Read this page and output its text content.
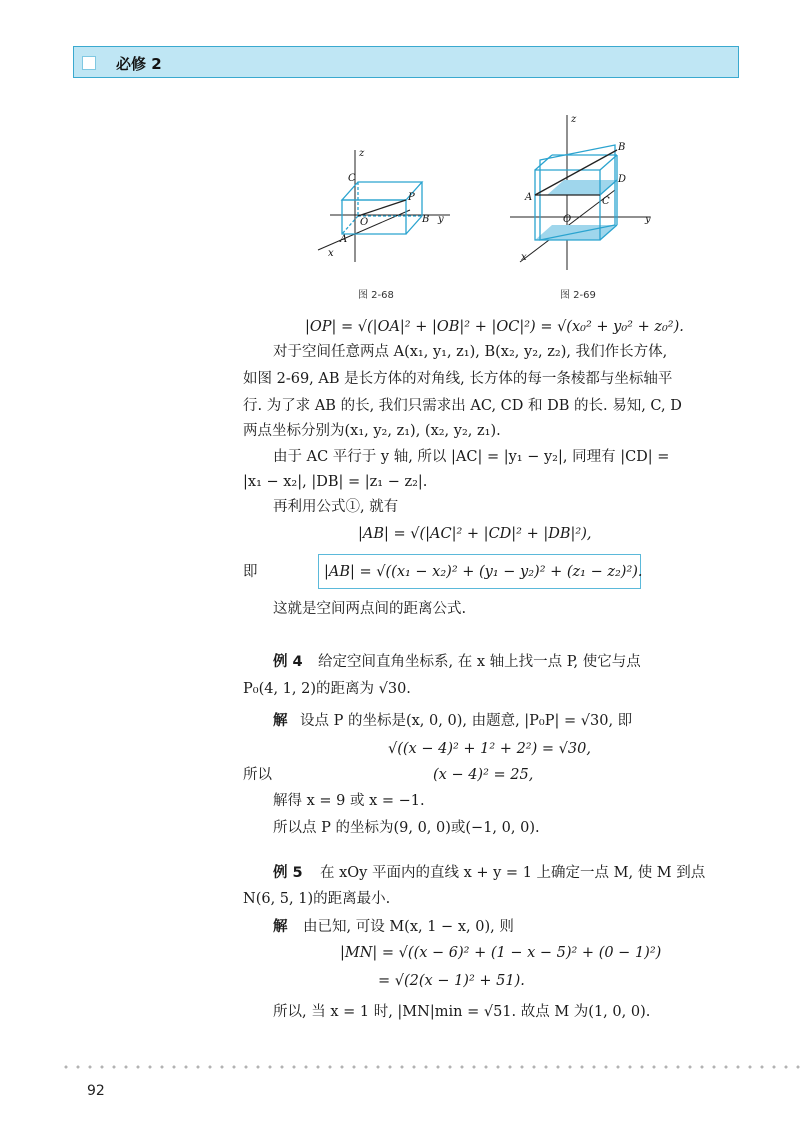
必修 2
z
C
P
O	B y
A
x
图 2-68
z
B
D
A	C
O	y
x
图 2-69
|OP| = √(|OA|² + |OB|² + |OC|²) = √(x₀² + y₀² + z₀²).
对于空间任意两点 A(x₁, y₁, z₁), B(x₂, y₂, z₂), 我们作长方体,
如图 2-69, AB 是长方体的对角线, 长方体的每一条棱都与坐标轴平
行. 为了求 AB 的长, 我们只需求出 AC, CD 和 DB 的长. 易知, C, D
两点坐标分别为(x₁, y₂, z₁), (x₂, y₂, z₁).
由于 AC 平行于 y 轴, 所以 |AC| = |y₁ − y₂|, 同理有 |CD| =
|x₁ − x₂|, |DB| = |z₁ − z₂|.
再利用公式①, 就有
|AB| = √(|AC|² + |CD|² + |DB|²),
即	|AB| = √((x₁ − x₂)² + (y₁ − y₂)² + (z₁ − z₂)²).
这就是空间两点间的距离公式.
例 4 给定空间直角坐标系, 在 x 轴上找一点 P, 使它与点
P₀(4, 1, 2)的距离为 √30.
解 设点 P 的坐标是(x, 0, 0), 由题意, |P₀P| = √30, 即
√((x − 4)² + 1² + 2²) = √30,
所以	(x − 4)² = 25,
解得 x = 9 或 x = −1.
所以点 P 的坐标为(9, 0, 0)或(−1, 0, 0).
例 5 在 xOy 平面内的直线 x + y = 1 上确定一点 M, 使 M 到点
N(6, 5, 1)的距离最小.
解 由已知, 可设 M(x, 1 − x, 0), 则
|MN| = √((x − 6)² + (1 − x − 5)² + (0 − 1)²)
= √(2(x − 1)² + 51).
所以, 当 x = 1 时, |MN|min = √51. 故点 M 为(1, 0, 0).
92
